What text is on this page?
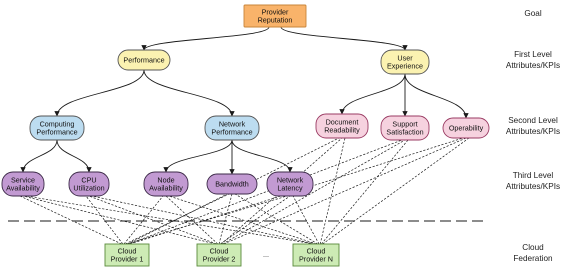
Provider
Reputation
Performance	User
Experience
Computing
Performance
Network
Performance
Document
Readability
Support
Satisfaction	Operability
Service
Availability
CPU
Utilization
Node
Availability	Bandwidth	Network
Latency
Cloud
Provider 1
Cloud
Provider 2
Cloud
Provider N
...
Goal
First Level
Attributes/KPIs
Second Level
Attributes/KPIs
Third Level
Attributes/KPIs
Cloud
Federation
